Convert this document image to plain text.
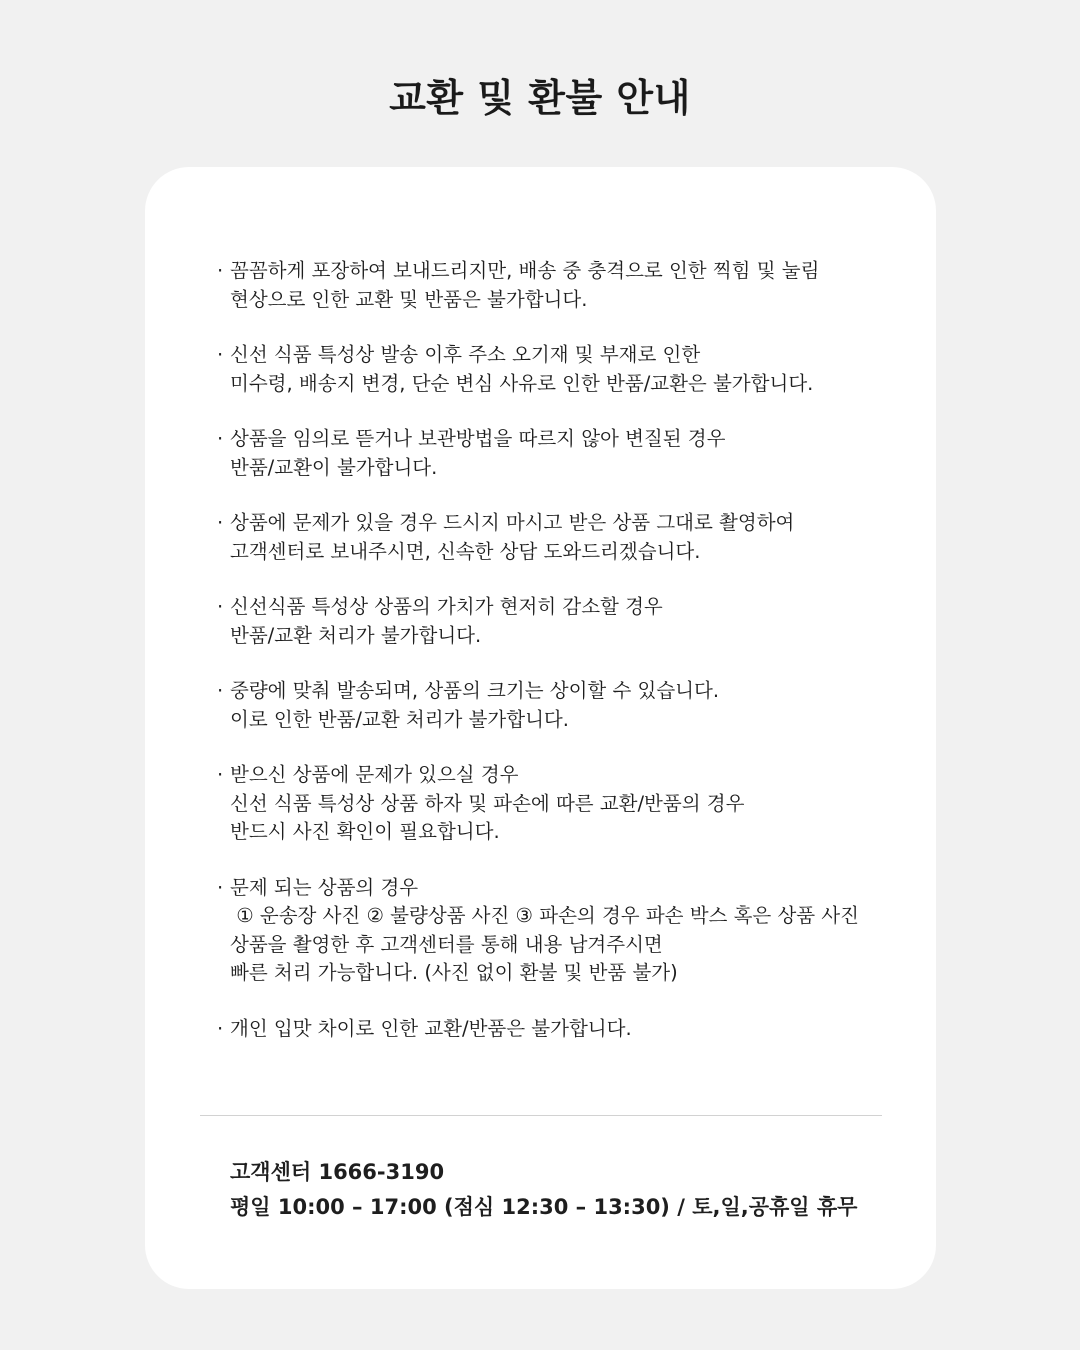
교환 및 환불 안내
· 꼼꼼하게 포장하여 보내드리지만, 배송 중 충격으로 인한 찍힘 및 눌림
현상으로 인한 교환 및 반품은 불가합니다.
· 신선 식품 특성상 발송 이후 주소 오기재 및 부재로 인한
미수령, 배송지 변경, 단순 변심 사유로 인한 반품/교환은 불가합니다.
· 상품을 임의로 뜯거나 보관방법을 따르지 않아 변질된 경우
반품/교환이 불가합니다.
· 상품에 문제가 있을 경우 드시지 마시고 받은 상품 그대로 촬영하여
고객센터로 보내주시면, 신속한 상담 도와드리겠습니다.
· 신선식품 특성상 상품의 가치가 현저히 감소할 경우
반품/교환 처리가 불가합니다.
· 중량에 맞춰 발송되며, 상품의 크기는 상이할 수 있습니다.
이로 인한 반품/교환 처리가 불가합니다.
· 받으신 상품에 문제가 있으실 경우
신선 식품 특성상 상품 하자 및 파손에 따른 교환/반품의 경우
반드시 사진 확인이 필요합니다.
· 문제 되는 상품의 경우
① 운송장 사진 ② 불량상품 사진 ③ 파손의 경우 파손 박스 혹은 상품 사진
상품을 촬영한 후 고객센터를 통해 내용 남겨주시면
빠른 처리 가능합니다. (사진 없이 환불 및 반품 불가)
· 개인 입맛 차이로 인한 교환/반품은 불가합니다.
고객센터 1666-3190
평일 10:00 – 17:00 (점심 12:30 – 13:30) / 토,일,공휴일 휴무
